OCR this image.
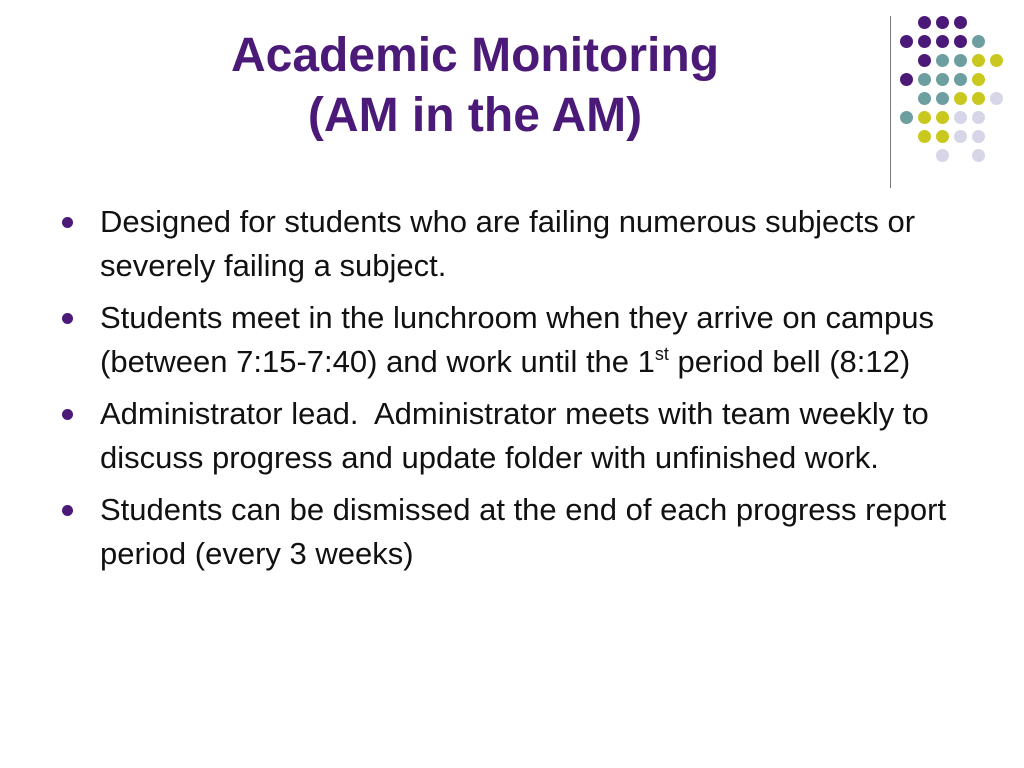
Academic Monitoring
(AM in the AM)
Designed for students who are failing numerous subjects or severely failing a subject.
Students meet in the lunchroom when they arrive on campus (between 7:15-7:40) and work until the 1st period bell (8:12)
Administrator lead.  Administrator meets with team weekly to discuss progress and update folder with unfinished work.
Students can be dismissed at the end of each progress report period (every 3 weeks)
